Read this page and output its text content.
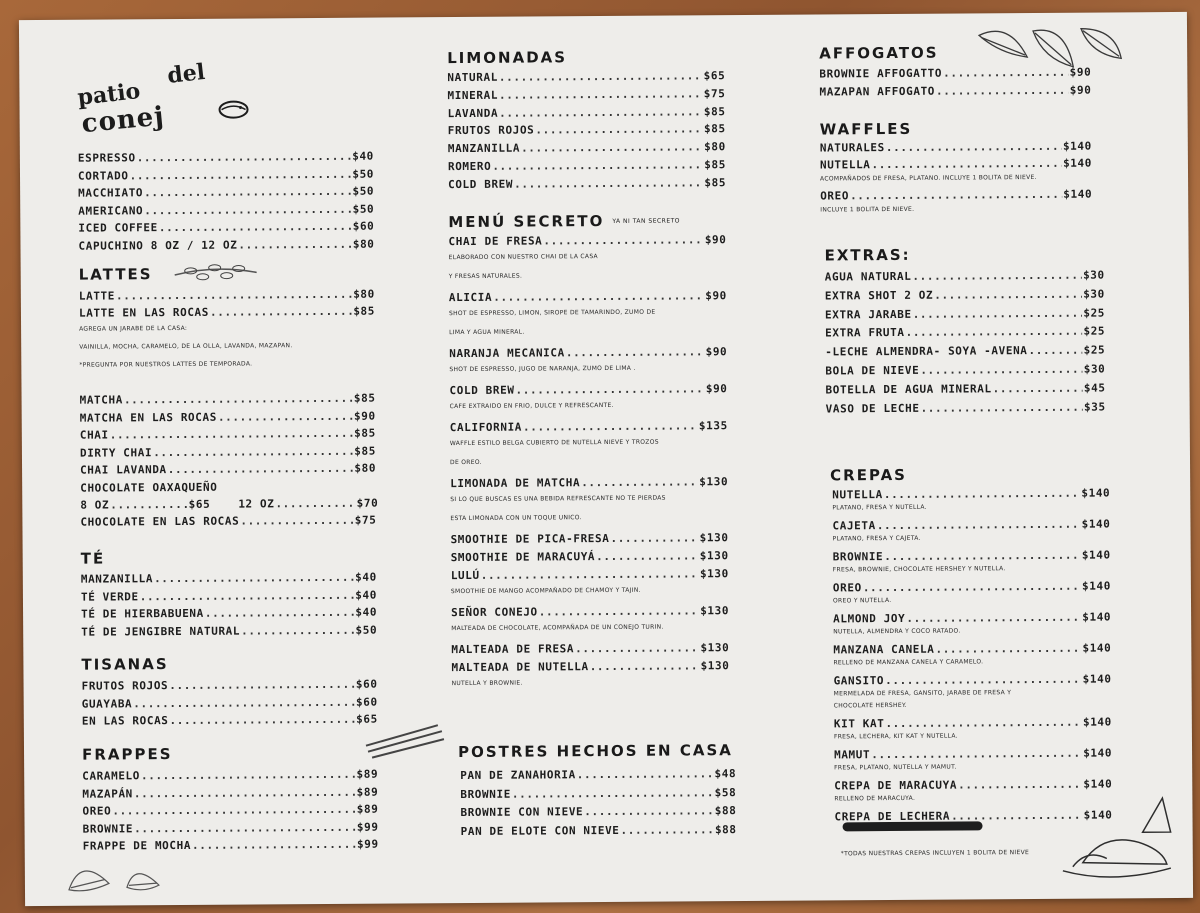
patio
del
conej
ESPRESSO .....	$40
CORTADO .....	$50
MACCHIATO .....	$50
AMERICANO .....	$50
ICED COFFEE .....	$60
CAPUCHINO 8 OZ / 12 OZ .....	$80
LATTES
LATTE .....	$80
LATTE EN LAS ROCAS .....	$85
AGREGA UN JARABE DE LA CASA:
VAINILLA, MOCHA, CARAMELO, DE LA OLLA, LAVANDA, MAZAPAN.
*PREGUNTA POR NUESTROS LATTES DE TEMPORADA.
MATCHA .....	$85
MATCHA EN LAS ROCAS .....	$90
CHAI .....	$85
DIRTY CHAI .....	$85
CHAI LAVANDA .....	$80
CHOCOLATE OAXAQUEÑO
8 OZ .....	$65	12 OZ .....	$70
CHOCOLATE EN LAS ROCAS .....	$75
TÉ
MANZANILLA .....	$40
TÉ VERDE .....	$40
TÉ DE HIERBABUENA .....	$40
TÉ DE JENGIBRE NATURAL .....	$50
TISANAS
FRUTOS ROJOS .....	$60
GUAYABA .....	$60
EN LAS ROCAS .....	$65
FRAPPES
CARAMELO .....	$89
MAZAPÁN .....	$89
OREO .....	$89
BROWNIE .....	$99
FRAPPE DE MOCHA .....	$99
LIMONADAS
NATURAL .....	$65
MINERAL .....	$75
LAVANDA .....	$85
FRUTOS ROJOS .....	$85
MANZANILLA .....	$80
ROMERO .....	$85
COLD BREW .....	$85
MENÚ SECRETO YA NI TAN SECRETO
CHAI DE FRESA .....	$90
ELABORADO CON NUESTRO CHAI DE LA CASA
Y FRESAS NATURALES.
ALICIA .....	$90
SHOT DE ESPRESSO, LIMON, SIROPE DE TAMARINDO, ZUMO DE
LIMA Y AGUA MINERAL.
NARANJA MECANICA .....	$90
SHOT DE ESPRESSO, JUGO DE NARANJA, ZUMO DE LIMA .
COLD BREW .....	$90
CAFE EXTRAIDO EN FRIO, DULCE Y REFRESCANTE.
CALIFORNIA .....	$135
WAFFLE ESTILO BELGA CUBIERTO DE NUTELLA NIEVE Y TROZOS
DE OREO.
LIMONADA DE MATCHA .....	$130
SI LO QUE BUSCAS ES UNA BEBIDA REFRESCANTE NO TE PIERDAS
ESTA LIMONADA CON UN TOQUE UNICO.
SMOOTHIE DE PICA-FRESA .....	$130
SMOOTHIE DE MARACUYÁ .....	$130
LULÚ .....	$130
SMOOTHIE DE MANGO ACOMPAÑADO DE CHAMOY Y TAJIN.
SEÑOR CONEJO .....	$130
MALTEADA DE CHOCOLATE, ACOMPAÑADA DE UN CONEJO TURIN.
MALTEADA DE FRESA .....	$130
MALTEADA DE NUTELLA .....	$130
NUTELLA Y BROWNIE.
POSTRES HECHOS EN CASA
PAN DE ZANAHORIA .....	$48
BROWNIE .....	$58
BROWNIE CON NIEVE .....	$88
PAN DE ELOTE CON NIEVE .....	$88
AFFOGATOS
BROWNIE AFFOGATTO .....	$90
MAZAPAN AFFOGATO .....	$90
WAFFLES
NATURALES .....	$140
NUTELLA .....	$140
ACOMPAÑADOS DE FRESA, PLATANO. INCLUYE 1 BOLITA DE NIEVE.
OREO .....	$140
INCLUYE 1 BOLITA DE NIEVE.
EXTRAS:
AGUA NATURAL .....	$30
EXTRA SHOT 2 OZ .....	$30
EXTRA JARABE .....	$25
EXTRA FRUTA .....	$25
-LECHE ALMENDRA- SOYA -AVENA .....	$25
BOLA DE NIEVE .....	$30
BOTELLA DE AGUA MINERAL .....	$45
VASO DE LECHE .....	$35
CREPAS
NUTELLA .....	$140
PLATANO, FRESA Y NUTELLA.
CAJETA .....	$140
PLATANO, FRESA Y CAJETA.
BROWNIE .....	$140
FRESA, BROWNIE, CHOCOLATE HERSHEY Y NUTELLA.
OREO .....	$140
OREO Y NUTELLA.
ALMOND JOY .....	$140
NUTELLA, ALMENDRA Y COCO RATADO.
MANZANA CANELA .....	$140
RELLENO DE MANZANA CANELA Y CARAMELO.
GANSITO .....	$140
MERMELADA DE FRESA, GANSITO, JARABE DE FRESA Y
CHOCOLATE HERSHEY.
KIT KAT .....	$140
FRESA, LECHERA, KIT KAT Y NUTELLA.
MAMUT .....	$140
FRESA, PLATANO, NUTELLA Y MAMUT.
CREPA DE MARACUYA .....	$140
RELLENO DE MARACUYA.
CREPA DE LECHERA .....	$140
*TODAS NUESTRAS CREPAS INCLUYEN 1 BOLITA DE NIEVE
